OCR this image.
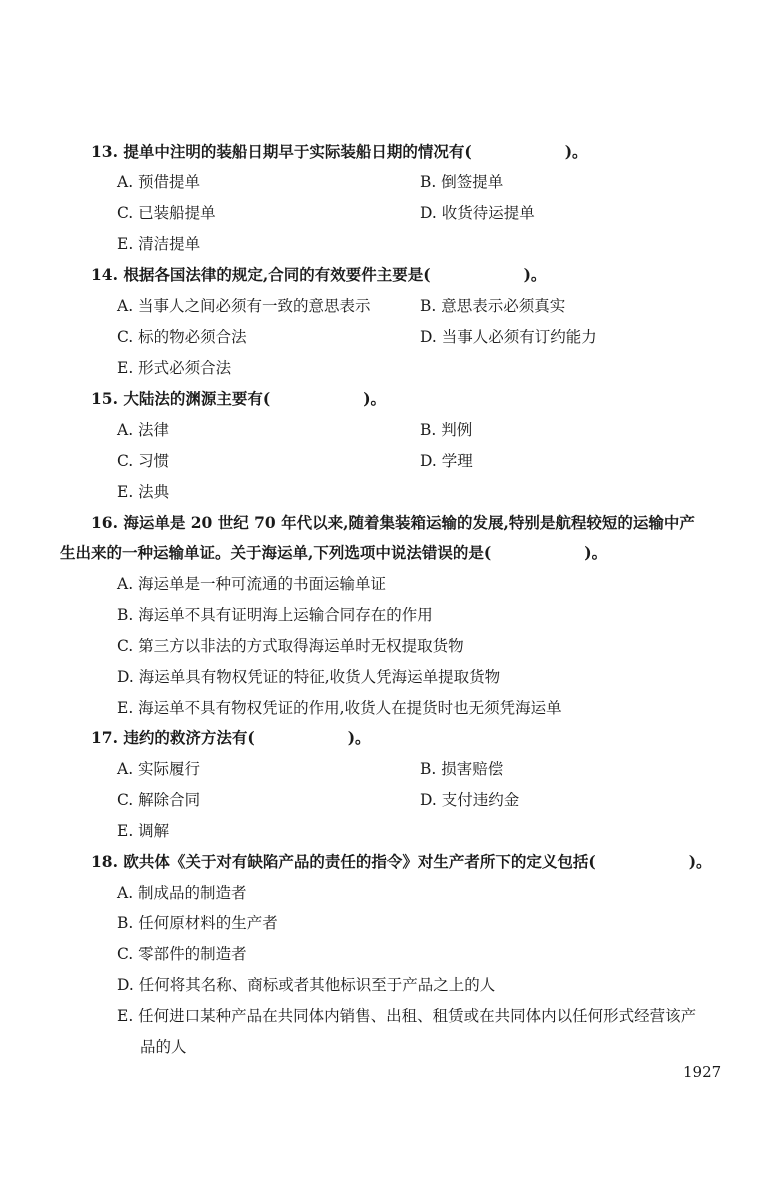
13. 提单中注明的装船日期早于实际装船日期的情况有(　　　　　　)。
A. 预借提单	B. 倒签提单
C. 已装船提单	D. 收货待运提单
E. 清洁提单
14. 根据各国法律的规定,合同的有效要件主要是(　　　　　　)。
A. 当事人之间必须有一致的意思表示	B. 意思表示必须真实
C. 标的物必须合法	D. 当事人必须有订约能力
E. 形式必须合法
15. 大陆法的渊源主要有(　　　　　　)。
A. 法律	B. 判例
C. 习惯	D. 学理
E. 法典
16. 海运单是 20 世纪 70 年代以来,随着集装箱运输的发展,特别是航程较短的运输中产
生出来的一种运输单证。关于海运单,下列选项中说法错误的是(　　　　　　)。
A. 海运单是一种可流通的书面运输单证
B. 海运单不具有证明海上运输合同存在的作用
C. 第三方以非法的方式取得海运单时无权提取货物
D. 海运单具有物权凭证的特征,收货人凭海运单提取货物
E. 海运单不具有物权凭证的作用,收货人在提货时也无须凭海运单
17. 违约的救济方法有(　　　　　　)。
A. 实际履行	B. 损害赔偿
C. 解除合同	D. 支付违约金
E. 调解
18. 欧共体《关于对有缺陷产品的责任的指令》对生产者所下的定义包括(　　　　　　)。
A. 制成品的制造者
B. 任何原材料的生产者
C. 零部件的制造者
D. 任何将其名称、商标或者其他标识至于产品之上的人
E. 任何进口某种产品在共同体内销售、出租、租赁或在共同体内以任何形式经营该产
品的人
1927
